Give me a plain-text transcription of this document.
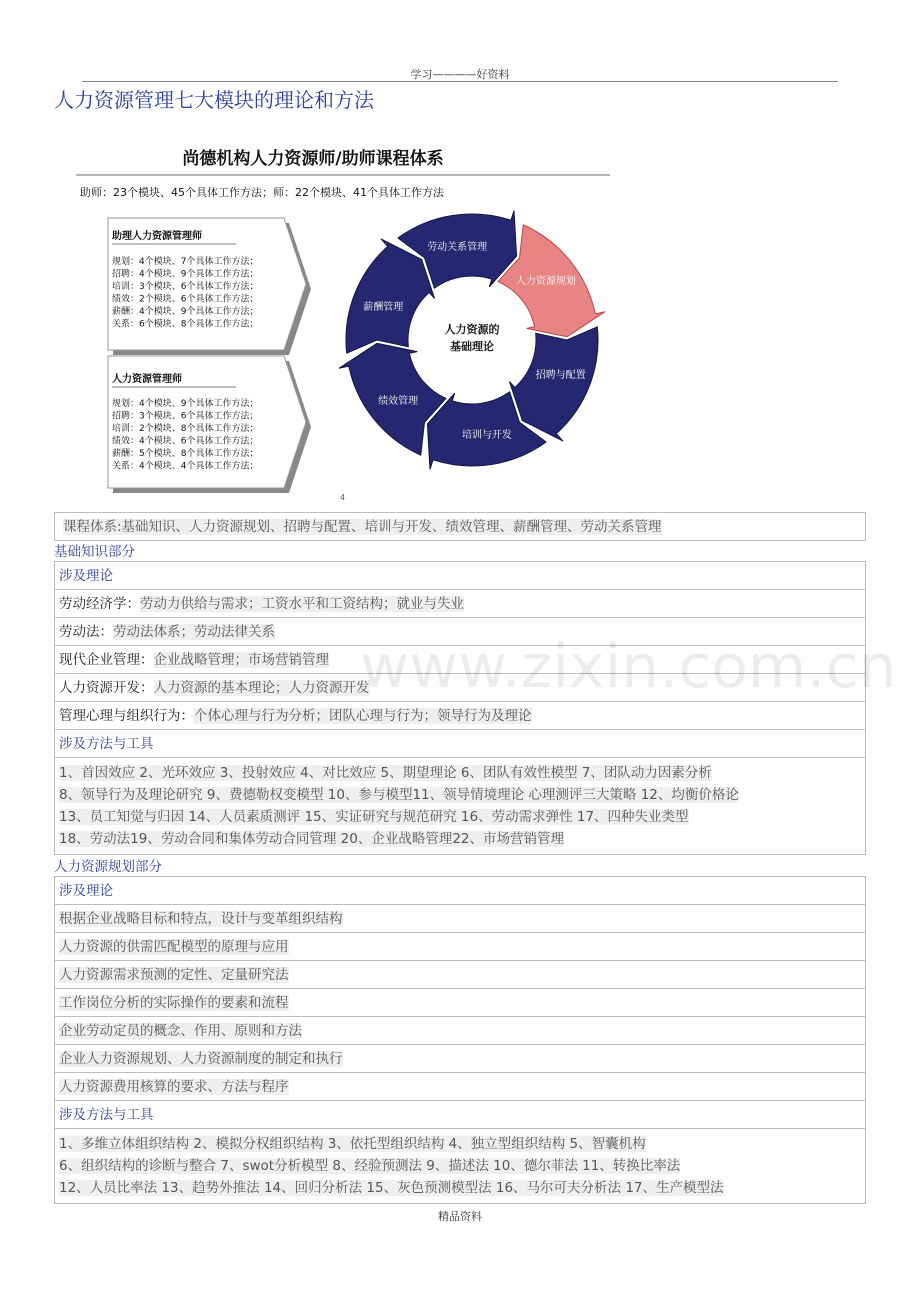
学习————好资料
人力资源管理七大模块的理论和方法
尚德机构人力资源师/助师课程体系
助师：23个模块、45个具体工作方法；师：22个模块、41个具体工作方法
助理人力资源管理师
规划：4个模块、7个具体工作方法；
招聘：4个模块、9个具体工作方法；
培训：3个模块、6个具体工作方法；
绩效：2个模块、6个具体工作方法；
薪酬：4个模块、9个具体工作方法；
关系：6个模块、8个具体工作方法；
人力资源管理师
规划：4个模块、9个具体工作方法；
招聘：3个模块、6个具体工作方法；
培训：2个模块、8个具体工作方法；
绩效：4个模块、6个具体工作方法；
薪酬：5个模块、8个具体工作方法；
关系：4个模块、4个具体工作方法；
劳动关系管理
人力资源规划
招聘与配置
培训与开发
绩效管理
薪酬管理
人力资源的
基础理论
4
课程体系:基础知识、人力资源规划、招聘与配置、培训与开发、绩效管理、薪酬管理、劳动关系管理
基础知识部分
涉及理论
劳动经济学：劳动力供给与需求；工资水平和工资结构；就业与失业
劳动法：劳动法体系；劳动法律关系
现代企业管理：企业战略管理；市场营销管理
人力资源开发：人力资源的基本理论；人力资源开发
管理心理与组织行为：个体心理与行为分析；团队心理与行为；领导行为及理论
涉及方法与工具
1、首因效应 2、光环效应 3、投射效应 4、对比效应 5、期望理论 6、团队有效性模型 7、团队动力因素分析
8、领导行为及理论研究 9、费德勒权变模型 10、参与模型11、领导情境理论 心理测评三大策略 12、均衡价格论
13、员工知觉与归因 14、人员素质测评 15、实证研究与规范研究 16、劳动需求弹性 17、四种失业类型
18、劳动法19、劳动合同和集体劳动合同管理 20、企业战略管理22、市场营销管理
人力资源规划部分
涉及理论
根据企业战略目标和特点，设计与变革组织结构
人力资源的供需匹配模型的原理与应用
人力资源需求预测的定性、定量研究法
工作岗位分析的实际操作的要素和流程
企业劳动定员的概念、作用、原则和方法
企业人力资源规划、人力资源制度的制定和执行
人力资源费用核算的要求、方法与程序
涉及方法与工具
1、多维立体组织结构 2、模拟分权组织结构 3、依托型组织结构 4、独立型组织结构 5、智囊机构
6、组织结构的诊断与整合 7、swot分析模型 8、经验预测法 9、描述法 10、德尔菲法 11、转换比率法
12、人员比率法 13、趋势外推法 14、回归分析法 15、灰色预测模型法 16、马尔可夫分析法 17、生产模型法
www.zixin.com.cn
精品资料
